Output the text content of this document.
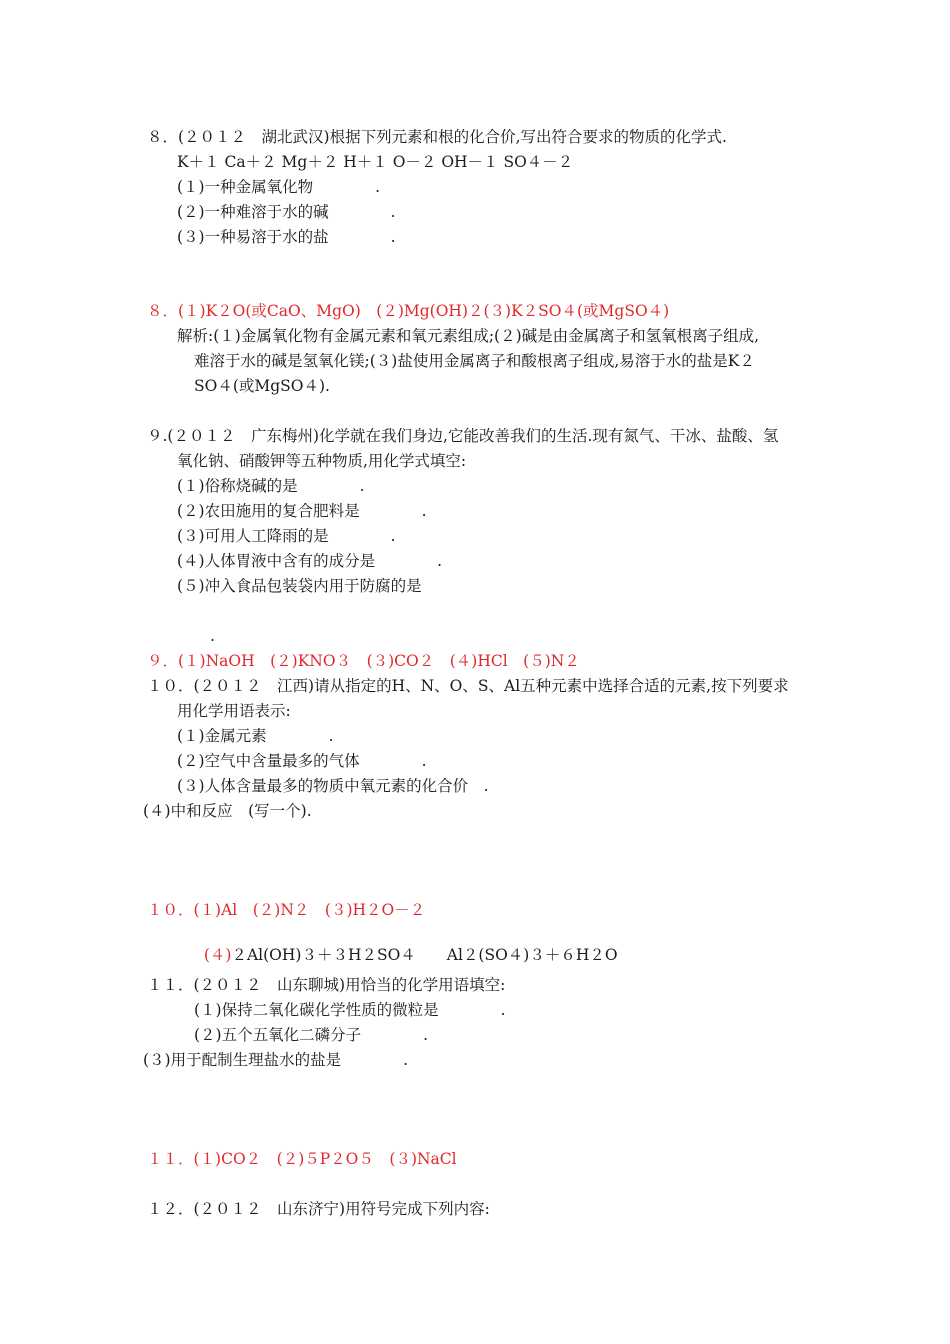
８．(２０１２　湖北武汉)根据下列元素和根的化合价,写出符合要求的物质的化学式.
K＋１ Ca＋２ Mg＋２ H＋１ O－２ OH－１ SO４－２
(１)一种金属氧化物　　　　.
(２)一种难溶于水的碱　　　　.
(３)一种易溶于水的盐　　　　.
８．(１)K２O(或CaO、MgO)　(２)Mg(OH)２(３)K２SO４(或MgSO４)
解析:(１)金属氧化物有金属元素和氧元素组成;(２)碱是由金属离子和氢氧根离子组成,
难溶于水的碱是氢氧化镁;(３)盐使用金属离子和酸根离子组成,易溶于水的盐是K２
SO４(或MgSO４).
９.(２０１２　广东梅州)化学就在我们身边,它能改善我们的生活.现有氮气、干冰、盐酸、氢
氧化钠、硝酸钾等五种物质,用化学式填空:
(１)俗称烧碱的是　　　　.
(２)农田施用的复合肥料是　　　　.
(３)可用人工降雨的是　　　　.
(４)人体胃液中含有的成分是　　　　.
(５)冲入食品包装袋内用于防腐的是
.
９．(１)NaOH　(２)KNO３　(３)CO２　(４)HCl　(５)N２
１０．(２０１２　江西)请从指定的H、N、O、S、Al五种元素中选择合适的元素,按下列要求
用化学用语表示:
(１)金属元素　　　　.
(２)空气中含量最多的气体　　　　.
(３)人体含量最多的物质中氧元素的化合价　.
(４)中和反应　(写一个).
１０．(１)Al　(２)N２　(３)H２O－２

(４)２Al(OH)３＋３H２SO４　　Al２(SO４)３＋６H２O

１１．(２０１２　山东聊城)用恰当的化学用语填空:
(１)保持二氧化碳化学性质的微粒是　　　　.
(２)五个五氧化二磷分子　　　　.
(３)用于配制生理盐水的盐是　　　　.
１１．(１)CO２　(２)５P２O５　(３)NaCl
１２．(２０１２　山东济宁)用符号完成下列内容:
